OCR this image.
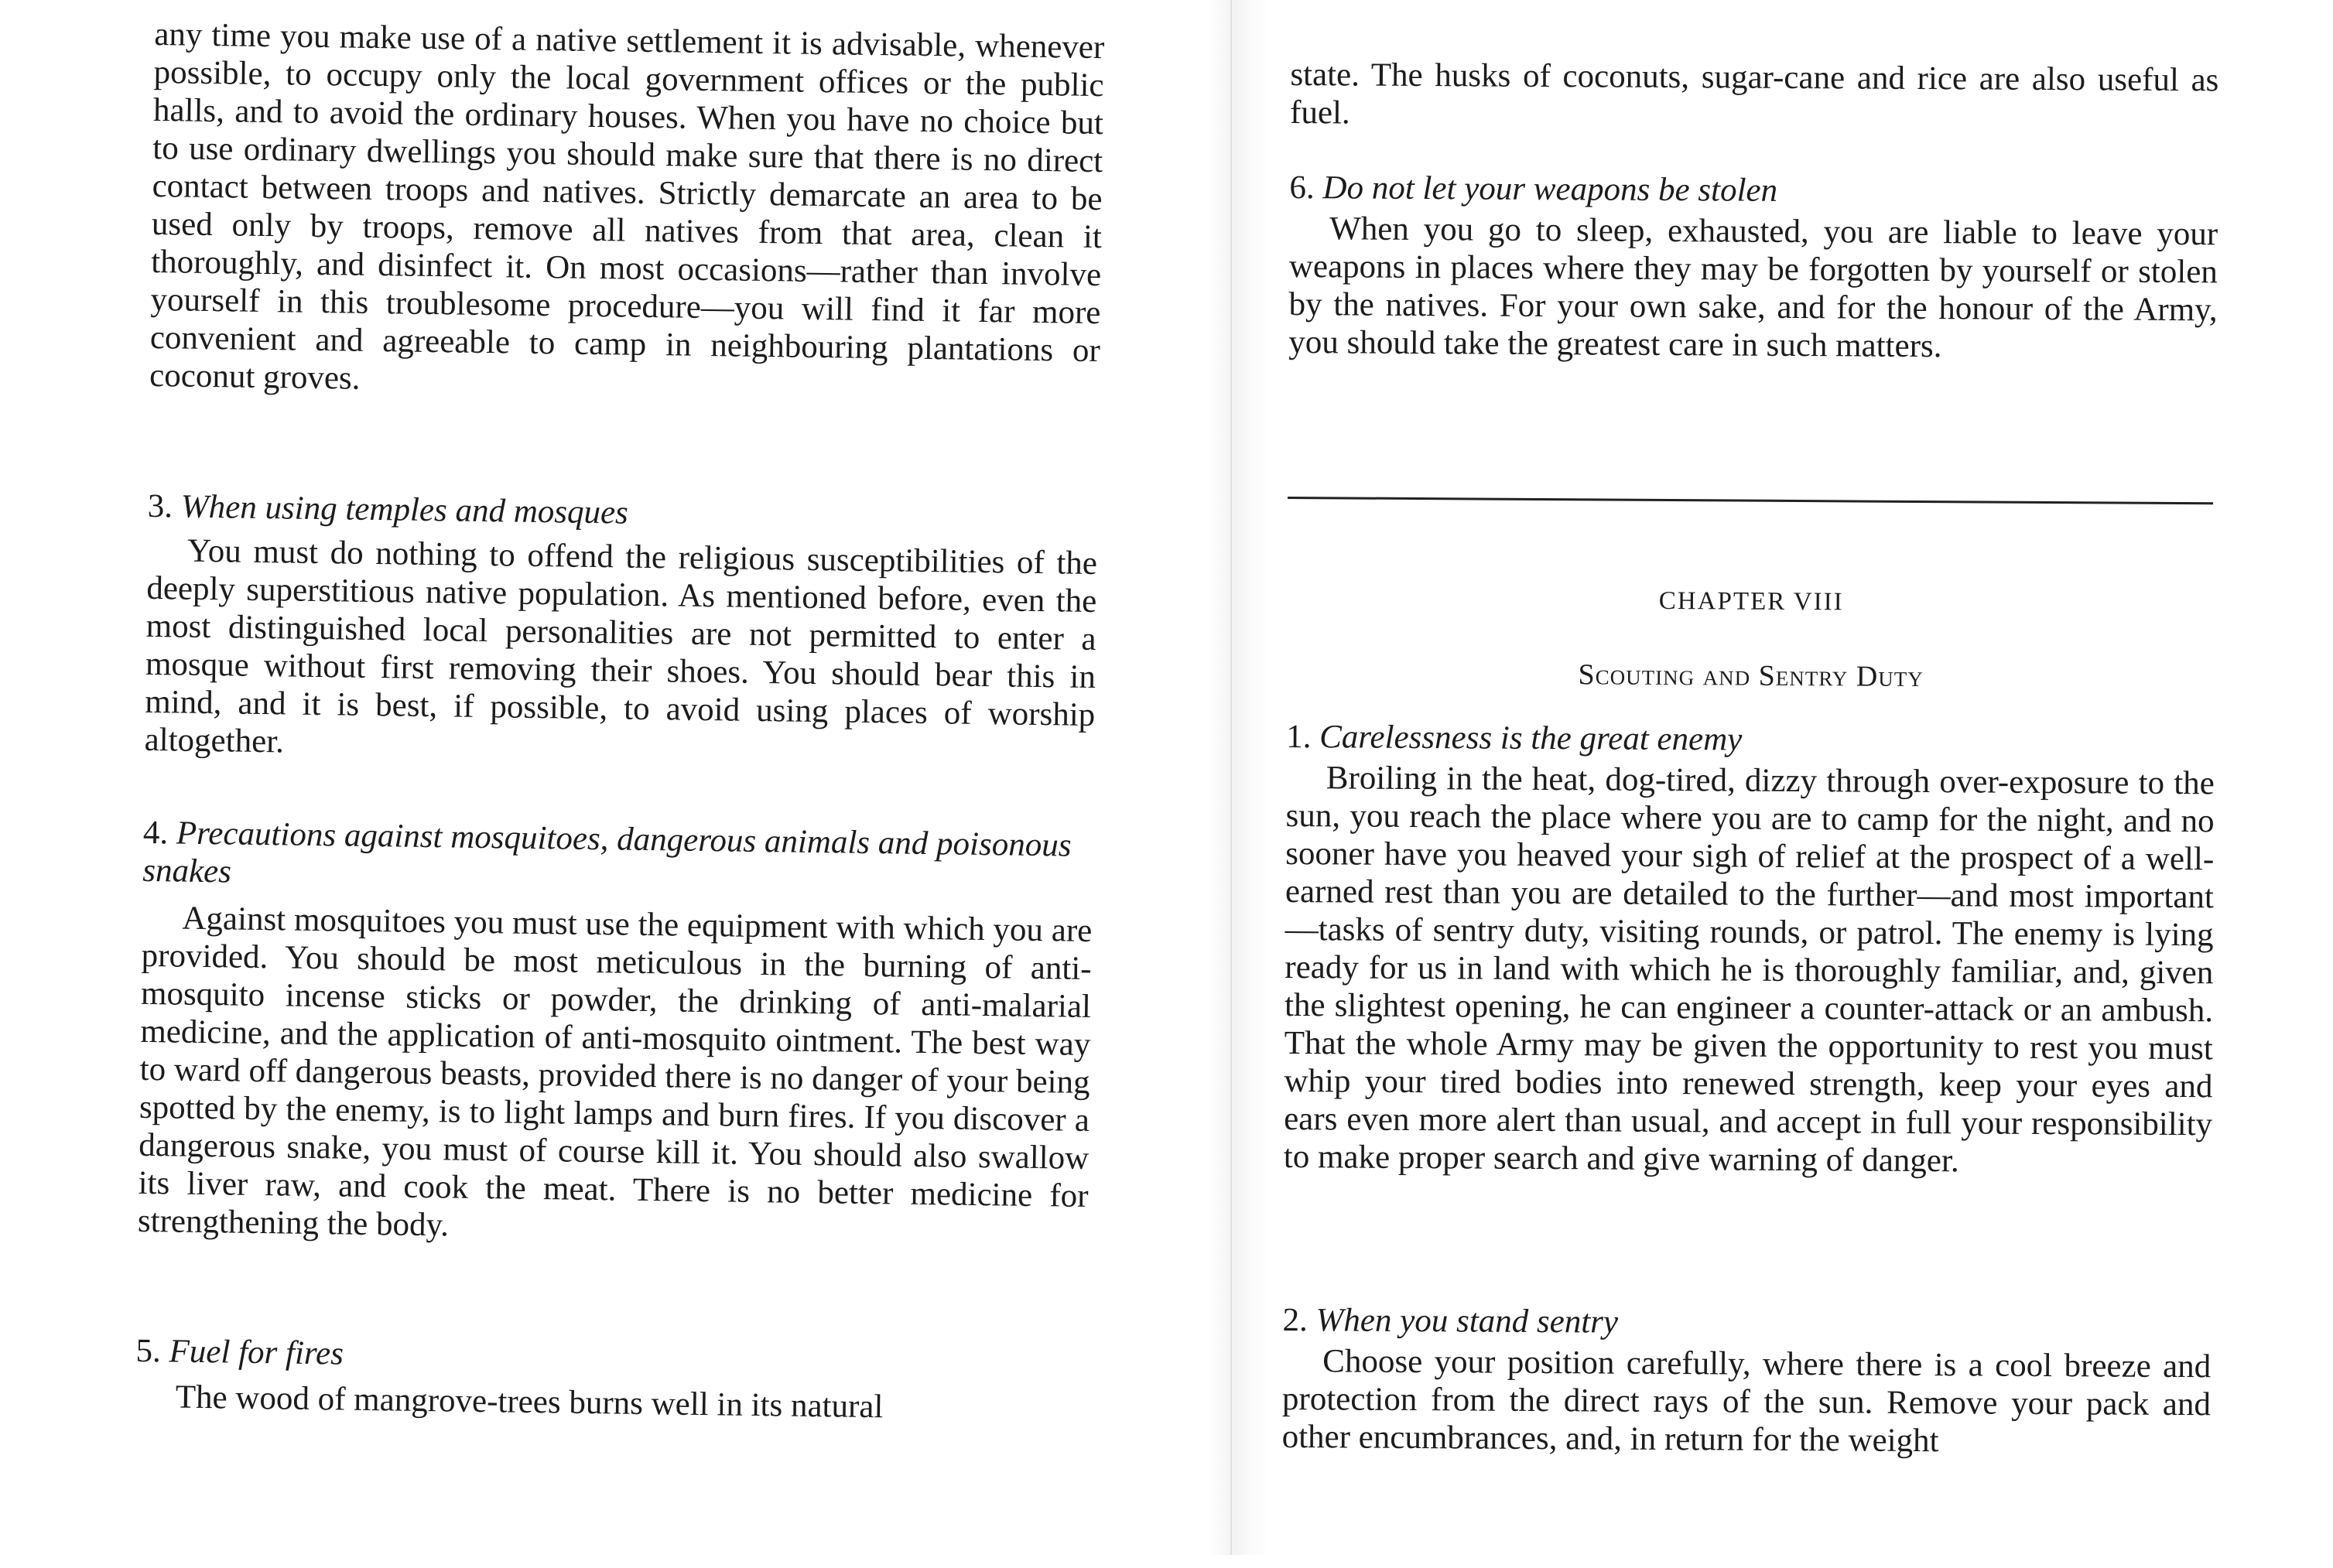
any time you make use of a native settlement it is advisable, whenever possible, to occupy only the local government offices or the public halls, and to avoid the ordinary houses. When you have no choice but to use ordinary dwellings you should make sure that there is no direct contact between troops and natives. Strictly demarcate an area to be used only by troops, remove all natives from that area, clean it thoroughly, and disinfect it. On most occasions—rather than involve yourself in this troublesome procedure—you will find it far more convenient and agreeable to camp in neighbouring plantations or coconut groves.

3. When using temples and mosques

You must do nothing to offend the religious susceptibilities of the deeply superstitious native population. As mentioned before, even the most distinguished local personalities are not permitted to enter a mosque without first removing their shoes. You should bear this in mind, and it is best, if possible, to avoid using places of worship altogether.

4. Precautions against mosquitoes, dangerous animals and poisonous snakes

Against mosquitoes you must use the equipment with which you are provided. You should be most meticulous in the burning of anti-mosquito incense sticks or powder, the drinking of anti-malarial medicine, and the application of anti-mosquito ointment. The best way to ward off dangerous beasts, provided there is no danger of your being spotted by the enemy, is to light lamps and burn fires. If you discover a dangerous snake, you must of course kill it. You should also swallow its liver raw, and cook the meat. There is no better medicine for strengthening the body.

5. Fuel for fires

The wood of mangrove-trees burns well in its natural

state. The husks of coconuts, sugar-cane and rice are also useful as fuel.

6. Do not let your weapons be stolen

When you go to sleep, exhausted, you are liable to leave your weapons in places where they may be forgotten by yourself or stolen by the natives. For your own sake, and for the honour of the Army, you should take the greatest care in such matters.

CHAPTER VIII

Scouting and Sentry Duty

1. Carelessness is the great enemy

Broiling in the heat, dog-tired, dizzy through over-exposure to the sun, you reach the place where you are to camp for the night, and no sooner have you heaved your sigh of relief at the prospect of a well-earned rest than you are detailed to the further—and most important—tasks of sentry duty, visiting rounds, or patrol. The enemy is lying ready for us in land with which he is thoroughly familiar, and, given the slightest opening, he can engineer a counter-attack or an ambush. That the whole Army may be given the opportunity to rest you must whip your tired bodies into renewed strength, keep your eyes and ears even more alert than usual, and accept in full your responsibility to make proper search and give warning of danger.

2. When you stand sentry

Choose your position carefully, where there is a cool breeze and protection from the direct rays of the sun. Remove your pack and other encumbrances, and, in return for the weight
